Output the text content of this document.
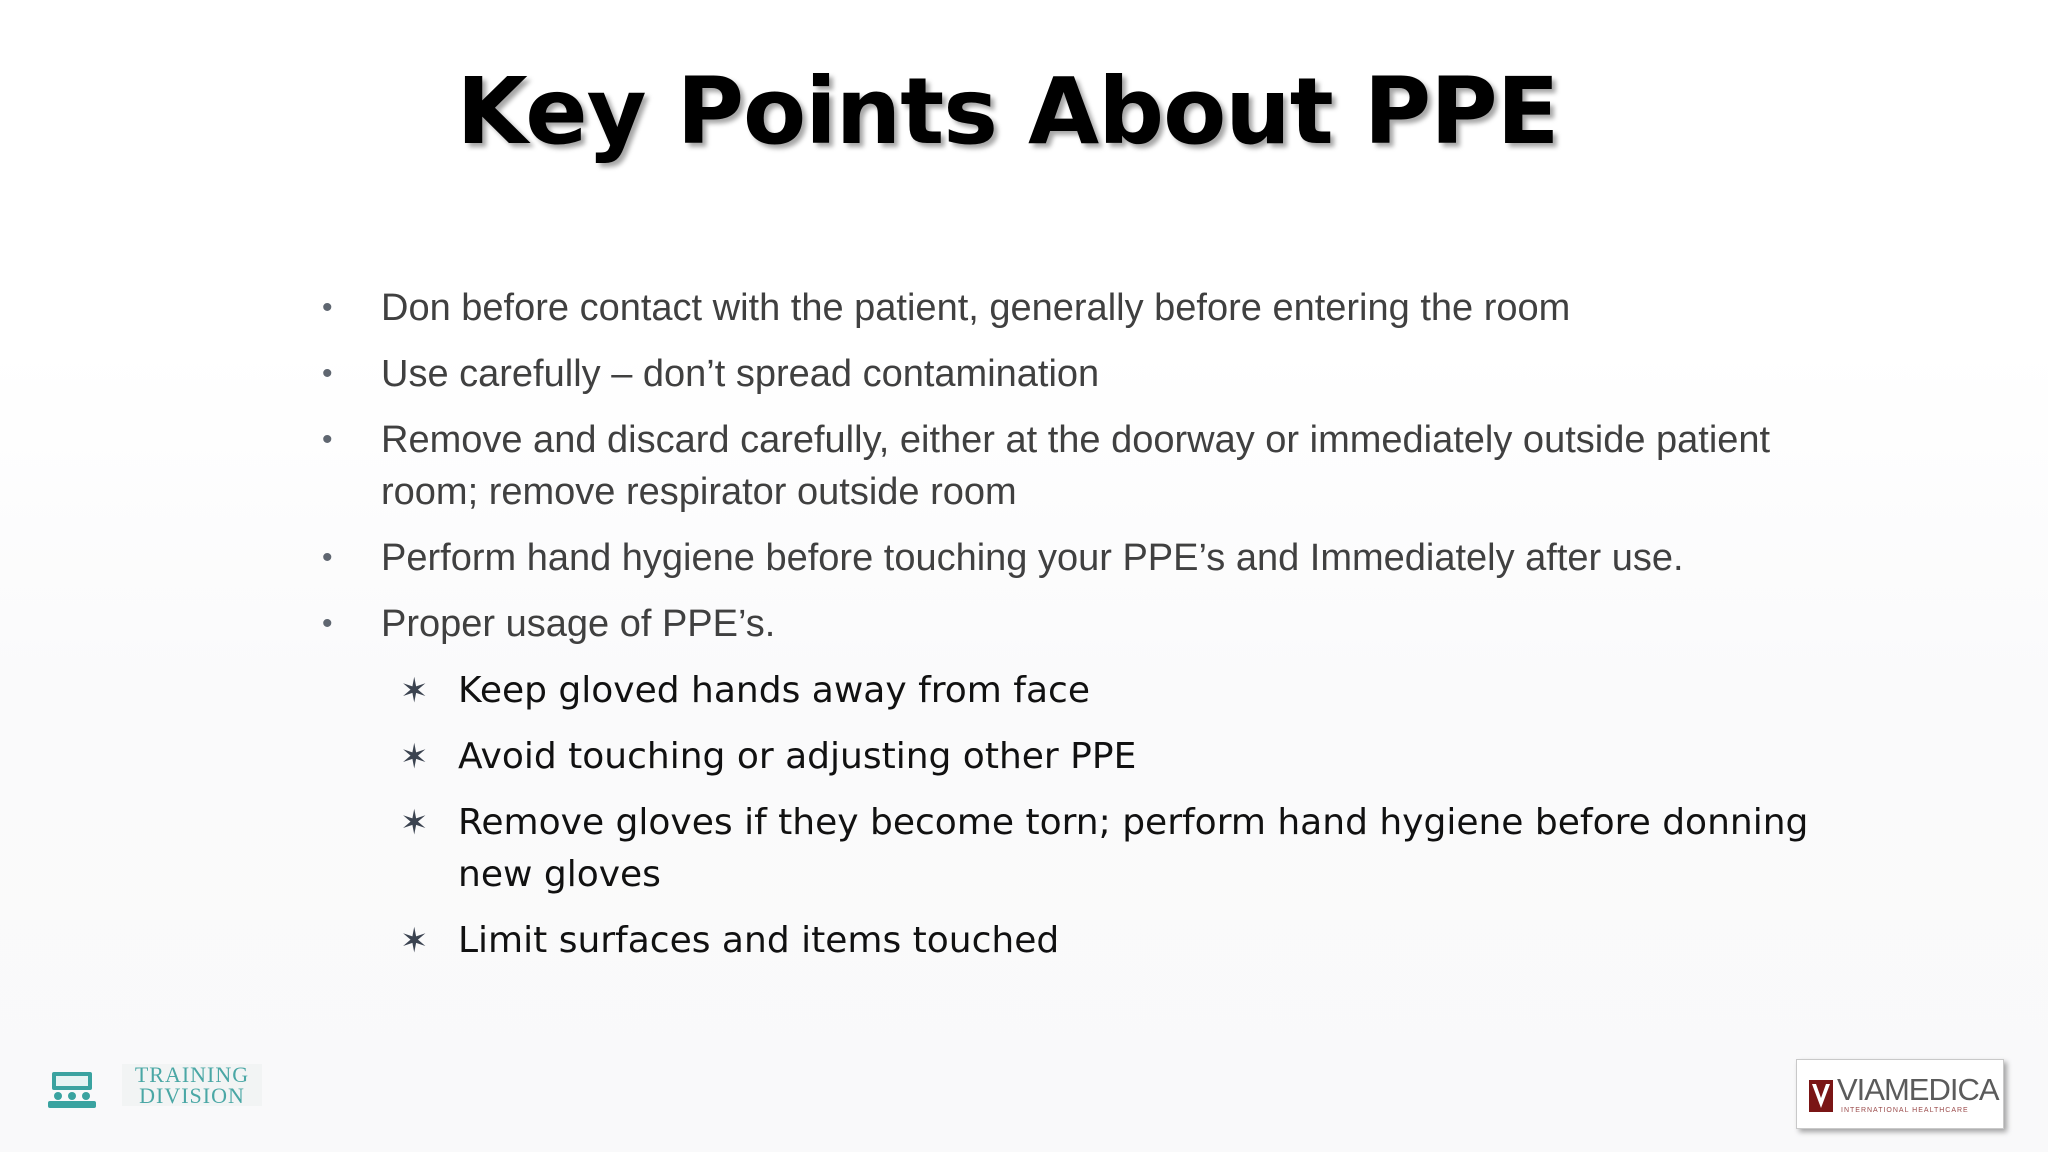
Key Points About PPE
• Don before contact with the patient, generally before entering the room
• Use carefully – don’t spread contamination
• Remove and discard carefully, either at the doorway or immediately outside patient room; remove respirator outside room
• Perform hand hygiene before touching your PPE’s and Immediately after use.
• Proper usage of PPE’s.
✶ Keep gloved hands away from face
✶ Avoid touching or adjusting other PPE
✶ Remove gloves if they become torn; perform hand hygiene before donning new gloves
✶ Limit surfaces and items touched
TRAINING
DIVISION	VIAMEDICA
INTERNATIONAL HEALTHCARE
